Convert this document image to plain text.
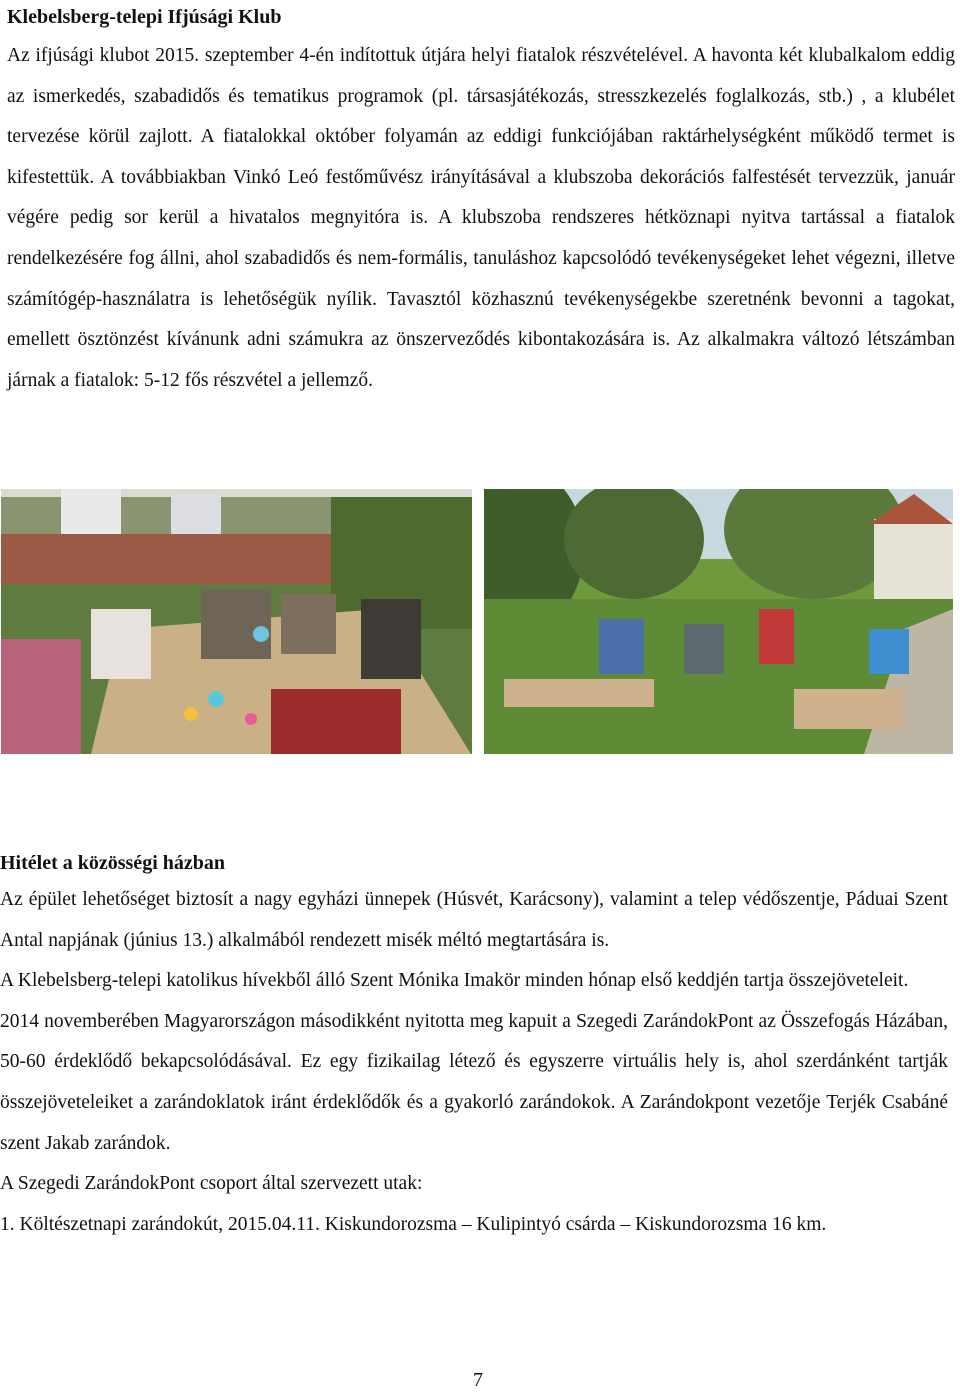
Klebelsberg-telepi Ifjúsági Klub

Az ifjúsági klubot 2015. szeptember 4-én indítottuk útjára helyi fiatalok részvételével. A havonta két klubalkalom eddig az ismerkedés, szabadidős és tematikus programok (pl. társasjátékozás, stresszkezelés foglalkozás, stb.) , a klubélet tervezése körül zajlott. A fiatalokkal október folyamán az eddigi funkciójában raktárhelységként működő termet is kifestettük. A továbbiakban Vinkó Leó festőművész irányításával a klubszoba dekorációs falfestését tervezzük, január végére pedig sor kerül a hivatalos megnyitóra is. A klubszoba rendszeres hétköznapi nyitva tartással a fiatalok rendelkezésére fog állni, ahol szabadidős és nem-formális, tanuláshoz kapcsolódó tevékenységeket lehet végezni, illetve számítógép-használatra is lehetőségük nyílik. Tavasztól közhasznú tevékenységekbe szeretnénk bevonni a tagokat, emellett ösztönzést kívánunk adni számukra az önszerveződés kibontakozására is. Az alkalmakra változó létszámban járnak a fiatalok: 5-12 fős részvétel a jellemző.

Hitélet a közösségi házban

Az épület lehetőséget biztosít a nagy egyházi ünnepek (Húsvét, Karácsony), valamint a telep védőszentje, Páduai Szent Antal napjának (június 13.) alkalmából rendezett misék méltó megtartására is.

A Klebelsberg-telepi katolikus hívekből álló Szent Mónika Imakör minden hónap első keddjén tartja összejöveteleit.

2014 novemberében Magyarországon másodikként nyitotta meg kapuit a Szegedi ZarándokPont az Összefogás Házában, 50-60 érdeklődő bekapcsolódásával. Ez egy fizikailag létező és egyszerre virtuális hely is, ahol szerdánként tartják összejöveteleiket a zarándoklatok iránt érdeklődők és a gyakorló zarándokok. A Zarándokpont vezetője Terjék Csabáné szent Jakab zarándok.

A Szegedi ZarándokPont csoport által szervezett utak:

1. Költészetnapi zarándokút, 2015.04.11. Kiskundorozsma – Kulipintyó csárda – Kiskundorozsma 16 km.

7
